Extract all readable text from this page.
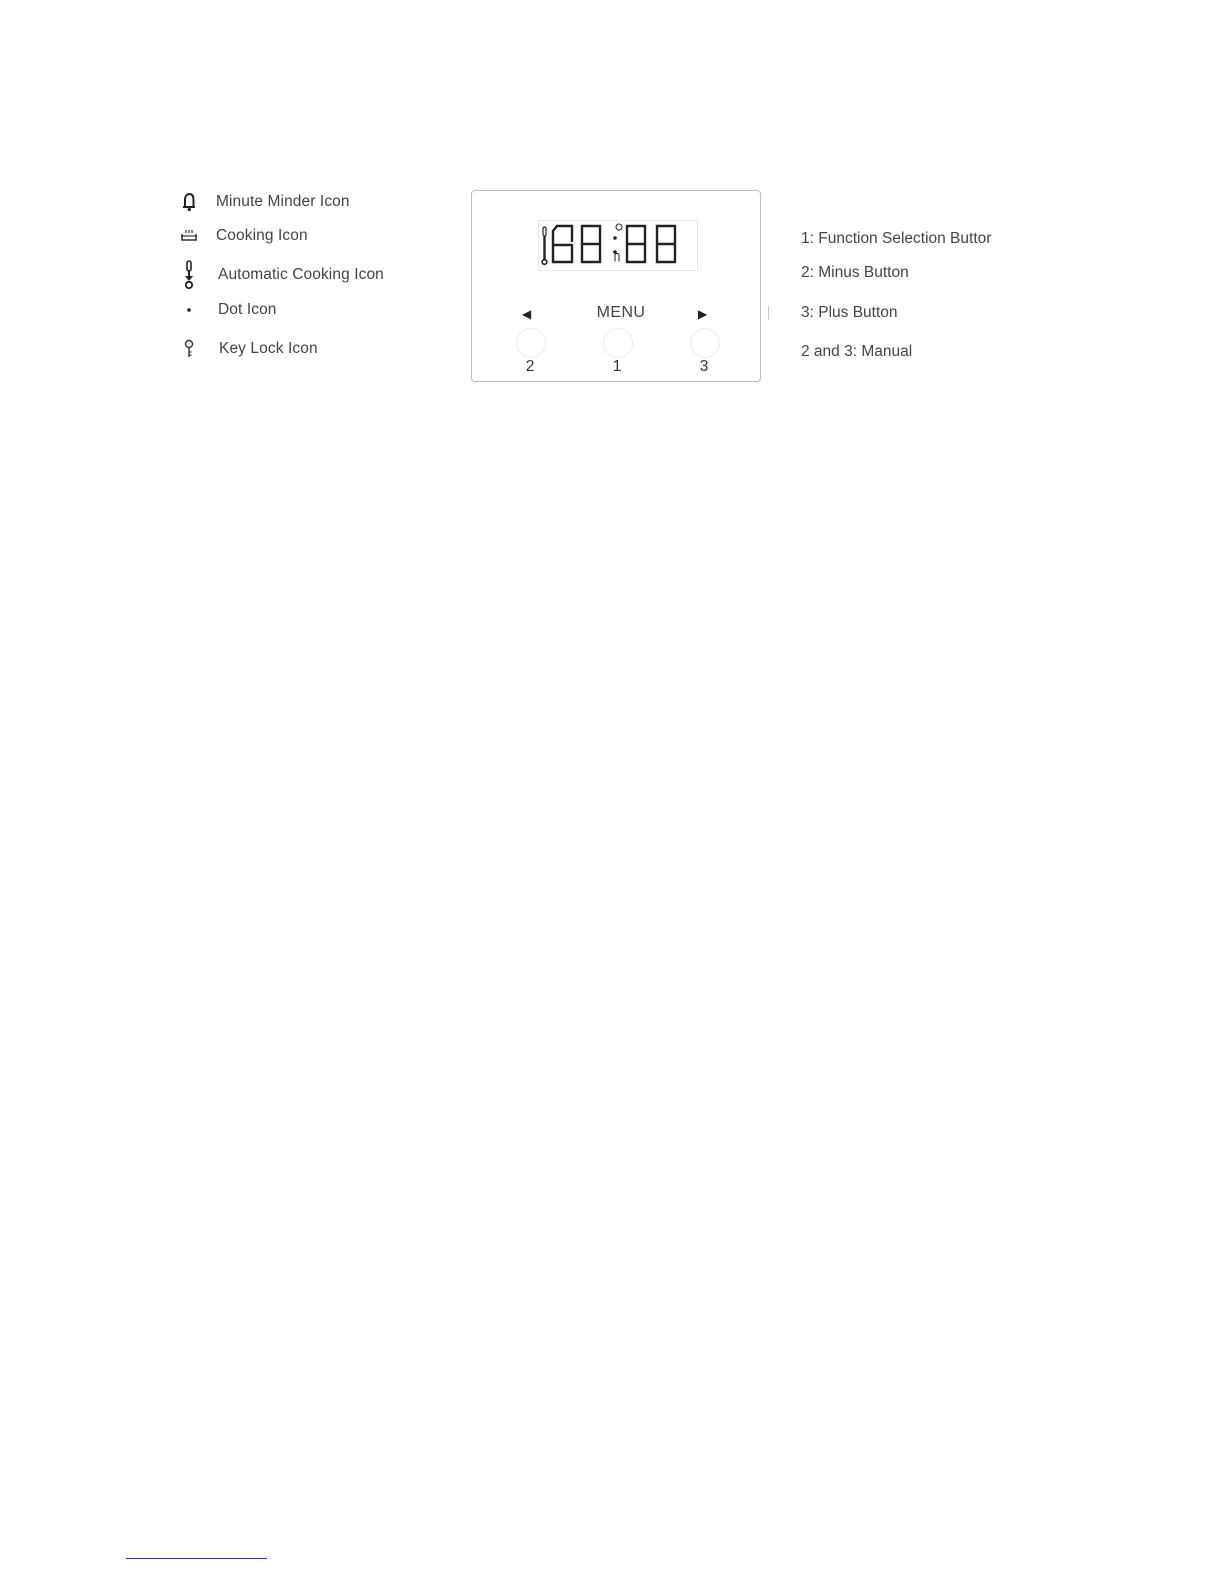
Minute Minder Icon
Cooking Icon
Automatic Cooking Icon
Dot Icon
Key Lock Icon
◀	MENU	▶
2	1	3
1: Function Selection Buttor
2: Minus Button
3: Plus Button
2 and 3: Manual
